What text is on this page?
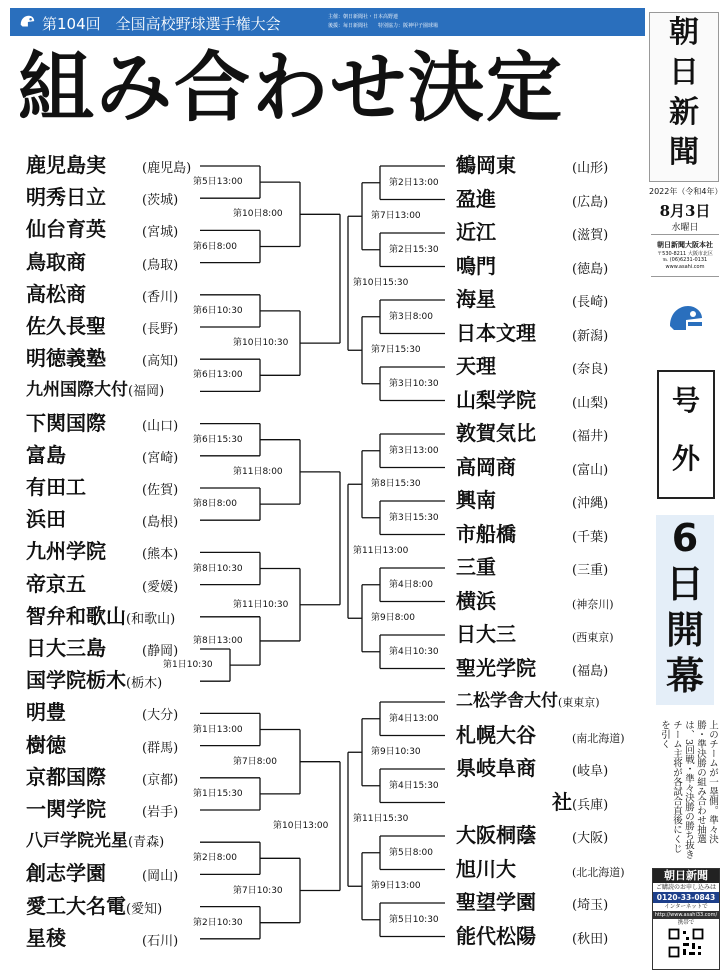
第104回　全国高校野球選手権大会	主催：朝日新聞社・日本高野連
後援：毎日新聞社　　特別協力：阪神甲子園球場
組み合わせ決定
鹿児島実	(鹿児島)
明秀日立	(茨城)
仙台育英	(宮城)
鳥取商	(鳥取)
高松商	(香川)
佐久長聖	(長野)
明徳義塾	(高知)
九州国際大付(福岡)
下関国際	(山口)
富島	(宮崎)
有田工	(佐賀)
浜田	(島根)
九州学院	(熊本)
帝京五	(愛媛)
智弁和歌山(和歌山)
日大三島	(静岡)
国学院栃木(栃木)
明豊	(大分)
樹徳	(群馬)
京都国際	(京都)
一関学院	(岩手)
八戸学院光星(青森)
創志学園	(岡山)
愛工大名電(愛知)
星稜	(石川)
鶴岡東	(山形)
盈進	(広島)
近江	(滋賀)
鳴門	(徳島)
海星	(長崎)
日本文理	(新潟)
天理	(奈良)
山梨学院	(山梨)
敦賀気比	(福井)
高岡商	(富山)
興南	(沖縄)
市船橋	(千葉)
三重	(三重)
横浜	(神奈川)
日大三	(西東京)
聖光学院	(福島)
二松学舎大付(東東京)
札幌大谷	(南北海道)
県岐阜商	(岐阜)
社(兵庫)
大阪桐蔭	(大阪)
旭川大	(北北海道)
聖望学園	(埼玉)
能代松陽	(秋田)
第5日13:00
第6日8:00
第10日8:00
第6日10:30
第6日13:00
第10日10:30
第6日15:30
第8日8:00
第11日8:00
第8日10:30
第1日10:30
第8日13:00
第11日10:30
第1日13:00
第1日15:30
第7日8:00
第2日8:00
第2日10:30
第7日10:30
第10日13:00
第2日13:00
第2日15:30
第7日13:00
第3日8:00
第3日10:30
第7日15:30
第10日15:30
第3日13:00
第3日15:30
第8日15:30
第4日8:00
第4日10:30
第9日8:00
第11日13:00
第4日13:00
第4日15:30
第9日10:30
第5日8:00
第5日10:30
第9日13:00
第11日15:30
朝
日
新
聞
2022年（令和4年）
8月3日
水曜日
朝日新聞大阪本社
〒530-8211 大阪市北区
℡ (06)6231-0131
www.asahi.com
号
外
6
日
開
幕
上のチームが一塁側。準々決勝・準決勝の組み合わせ抽選は、3回戦・準々決勝の勝ち抜きチーム主将が各試合直後にくじを引く
朝日新聞
ご購読のお申し込みは
0120-33-0843
インターネットで
http://www.asahi33.com/
携帯で
